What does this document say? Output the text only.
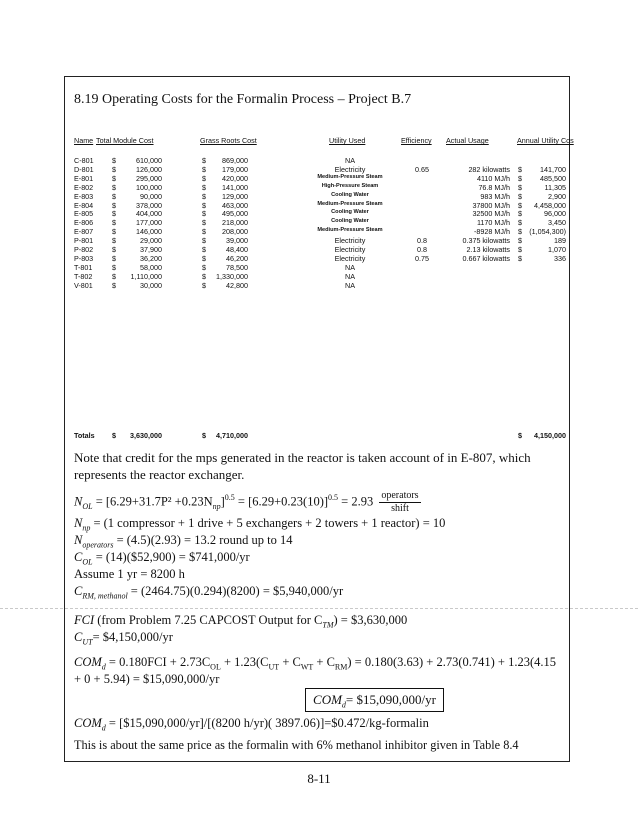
8.19 Operating Costs for the Formalin Process – Project B.7
Name Total Module Cost	Grass Roots Cost	Utility Used	Efficiency Actual Usage	Annual Utility Cos
C-801	$	610,000	$	869,000	NA
D-801	$	126,000	$	179,000	Electricity	0.65	282 kilowatts $	141,700
E-801	$	295,000	$	420,000	Medium-Pressure Steam	4110 MJ/h $	485,500
E-802	$	100,000	$	141,000	High-Pressure Steam	76.8 MJ/h $	11,305
E-803	$	90,000	$	129,000	Cooling Water	983 MJ/h $	2,900
E-804	$	378,000	$	463,000	Medium-Pressure Steam	37800 MJ/h $	4,458,000
E-805	$	404,000	$	495,000	Cooling Water	32500 MJ/h $	96,000
E-806	$	177,000	$	218,000	Cooling Water	1170 MJ/h $	3,450
E-807	$	146,000	$	208,000	Medium-Pressure Steam	-8928 MJ/h $ (1,054,300)
P-801	$	29,000	$	39,000	Electricity	0.8	0.375 kilowatts $	189
P-802	$	37,900	$	48,400	Electricity	0.8	2.13 kilowatts $	1,070
P-803	$	36,200	$	46,200	Electricity	0.75	0.667 kilowatts $	336
T-801	$	58,000	$	78,500	NA
T-802	$	1,110,000	$	1,330,000	NA
V-801	$	30,000	$	42,800	NA
Totals $	3,630,000	$	4,710,000	$	4,150,000
Note that credit for the mps generated in the reactor is taken account of in E-807, which represents the reactor exchanger.
$N_{OL} = [6.29+31.7P^2 +0.23N_{np}]^{0.5} = [6.29+0.23(10)]^{0.5} = 2.93 \frac{\text{operators}}{\text{shift}}$
$N_{np} = (1$ compressor + 1 drive + 5 exchangers + 2 towers + 1 reactor) = 10
$N_{operators} = (4.5)(2.93) = 13.2$ round up to 14
$C_{OL}$ = (14)($52,900) = $741,000/yr
Assume 1 yr = 8200 h
$C_{RM, methanol} = (2464.75)(0.294)(8200)$ = $5,940,000/yr
FCI (from Problem 7.25 CAPCOST Output for $C_{TM}$) = $3,630,000
$C_{UT}=$ $4,150,000/yr
$COM_d = 0.180FCI + 2.73C_{OL} + 1.23(C_{UT} + C_{WT} + C_{RM}) = 0.180(3.63) + 2.73(0.741) + 1.23(4.15$
+ 0 + 5.94) = $15,090,000/yr
$COM_d=$ $15,090,000/yr
$COM_d$ = [$15,090,000/yr]/[(8200 h/yr)( 3897.06)]=$0.472/kg-formalin
This is about the same price as the formalin with 6% methanol inhibitor given in Table 8.4
8-11
